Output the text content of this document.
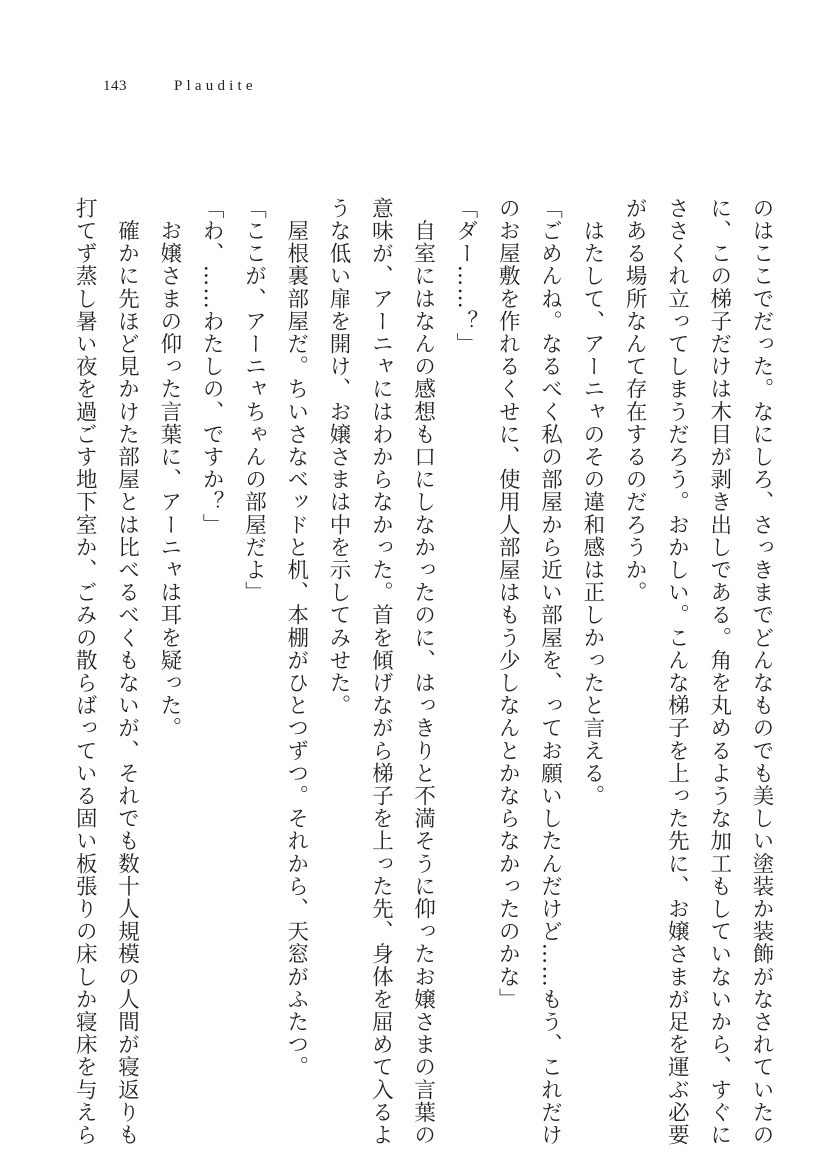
143	Plaudite

のはここでだった。なにしろ、さっきまでどんなものでも美しい塗装か装飾がなされていたの

に、この梯子だけは木目が剥き出しである。角を丸めるような加工もしていないから、すぐに

ささくれ立ってしまうだろう。おかしい。こんな梯子を上った先に、お嬢さまが足を運ぶ必要

がある場所なんて存在するのだろうか。

　はたして、アーニャのその違和感は正しかったと言える。

「ごめんね。なるべく私の部屋から近い部屋を、ってお願いしたんだけど……もう、これだけ

のお屋敷を作れるくせに、使用人部屋はもう少しなんとかならなかったのかな」

「ダー……？」

　自室にはなんの感想も口にしなかったのに、はっきりと不満そうに仰ったお嬢さまの言葉の

意味が、アーニャにはわからなかった。首を傾げながら梯子を上った先、身体を屈めて入るよ

うな低い扉を開け、お嬢さまは中を示してみせた。

　屋根裏部屋だ。ちいさなベッドと机、本棚がひとつずつ。それから、天窓がふたつ。

「ここが、アーニャちゃんの部屋だよ」

「わ、……わたしの、ですか？」

　お嬢さまの仰った言葉に、アーニャは耳を疑った。

　確かに先ほど見かけた部屋とは比べるべくもないが、それでも数十人規模の人間が寝返りも

打てず蒸し暑い夜を過ごす地下室か、ごみの散らばっている固い板張りの床しか寝床を与えら
